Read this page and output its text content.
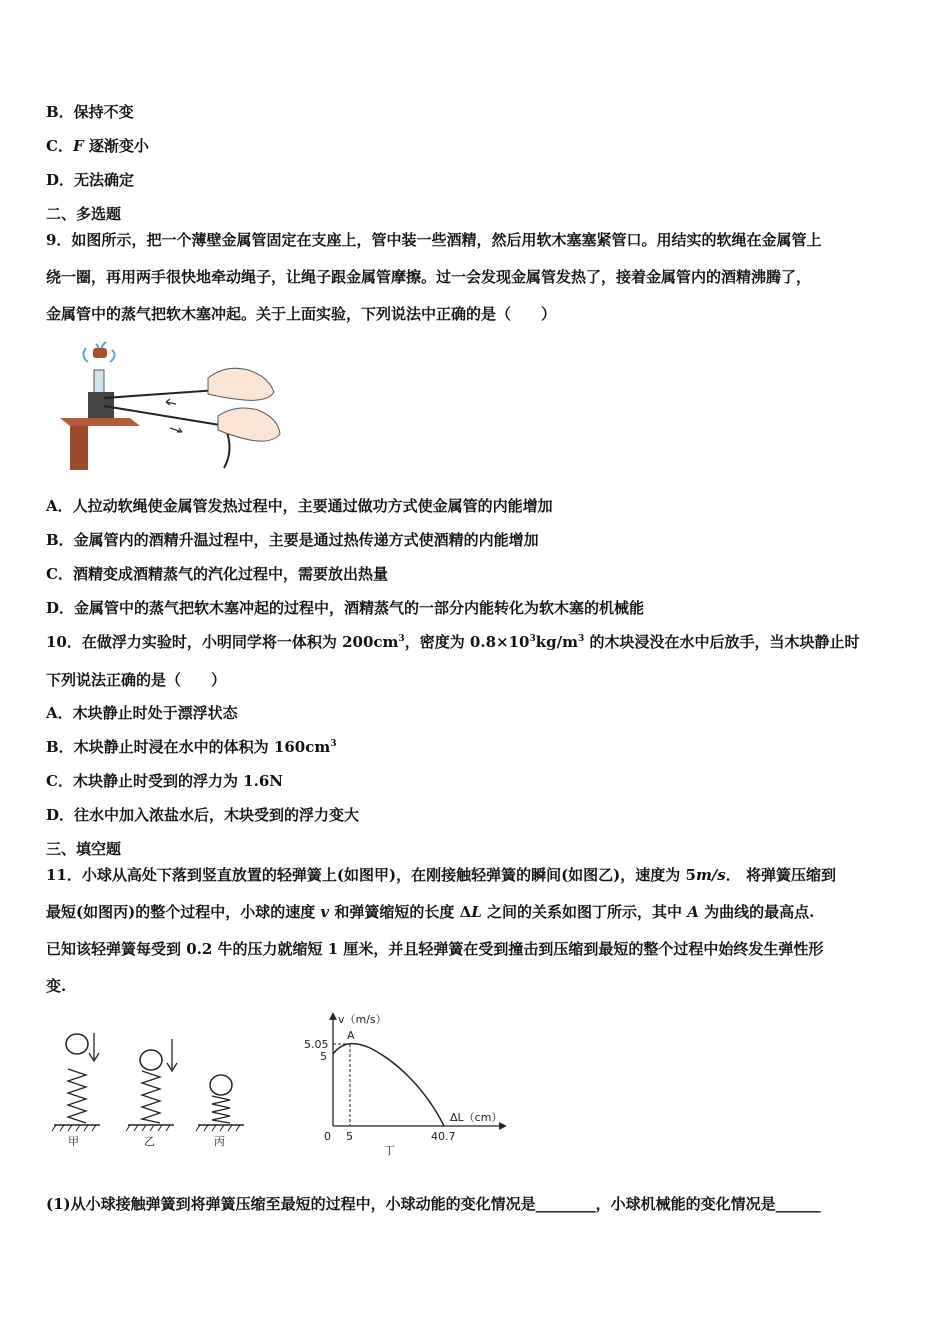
B．保持不变
C．F 逐渐变小
D．无法确定
二、多选题
9．如图所示，把一个薄壁金属管固定在支座上，管中装一些酒精，然后用软木塞塞紧管口。用结实的软绳在金属管上
绕一圈，再用两手很快地牵动绳子，让绳子跟金属管摩擦。过一会发现金属管发热了，接着金属管内的酒精沸腾了，
金属管中的蒸气把软木塞冲起。关于上面实验，下列说法中正确的是（　　）
A．人拉动软绳使金属管发热过程中，主要通过做功方式使金属管的内能增加
B．金属管内的酒精升温过程中，主要是通过热传递方式使酒精的内能增加
C．酒精变成酒精蒸气的汽化过程中，需要放出热量
D．金属管中的蒸气把软木塞冲起的过程中，酒精蒸气的一部分内能转化为软木塞的机械能
10．在做浮力实验时，小明同学将一体积为 $200cm^3$，密度为 $0.8\times 10^3kg/m^3$ 的木块浸没在水中后放手，当木块静止时
下列说法正确的是（　　）
A．木块静止时处于漂浮状态
B．木块静止时浸在水中的体积为 $160cm^3$
C．木块静止时受到的浮力为 1.6N
D．往水中加入浓盐水后，木块受到的浮力变大
三、填空题
11．小球从高处下落到竖直放置的轻弹簧上(如图甲)，在刚接触轻弹簧的瞬间(如图乙)，速度为 5m/s． 将弹簧压缩到
最短(如图丙)的整个过程中，小球的速度 v 和弹簧缩短的长度 ΔL 之间的关系如图丁所示，其中 A 为曲线的最高点.
已知该轻弹簧每受到 0.2 牛的压力就缩短 1 厘米，并且轻弹簧在受到撞击到压缩到最短的整个过程中始终发生弹性形
变.
甲	乙	丙
v（m/s）
ΔL（cm）
A
5.05
5
0 5	40.7
丁
(1)从小球接触弹簧到将弹簧压缩至最短的过程中，小球动能的变化情况是________，小球机械能的变化情况是______
